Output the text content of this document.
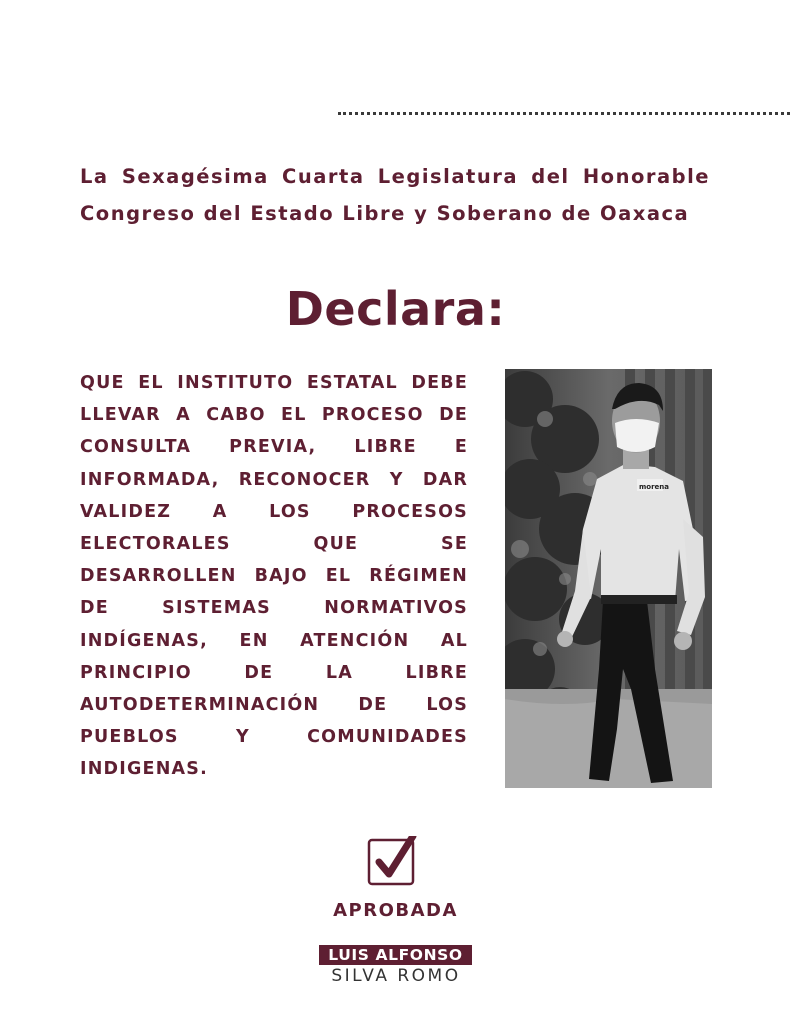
La Sexagésima Cuarta Legislatura del Honorable Congreso del Estado Libre y Soberano de Oaxaca
Declara:
QUE EL INSTITUTO ESTATAL DEBE LLEVAR A CABO EL PROCESO DE CONSULTA PREVIA, LIBRE E INFORMADA, RECONOCER Y DAR VALIDEZ A LOS PROCESOS ELECTORALES QUE SE DESARROLLEN BAJO EL RÉGIMEN DE SISTEMAS NORMATIVOS INDÍGENAS, EN ATENCIÓN AL PRINCIPIO DE LA LIBRE AUTODETERMINACIÓN DE LOS PUEBLOS Y COMUNIDADES INDIGENAS.
morena
APROBADA
LUIS ALFONSO
SILVA ROMO
